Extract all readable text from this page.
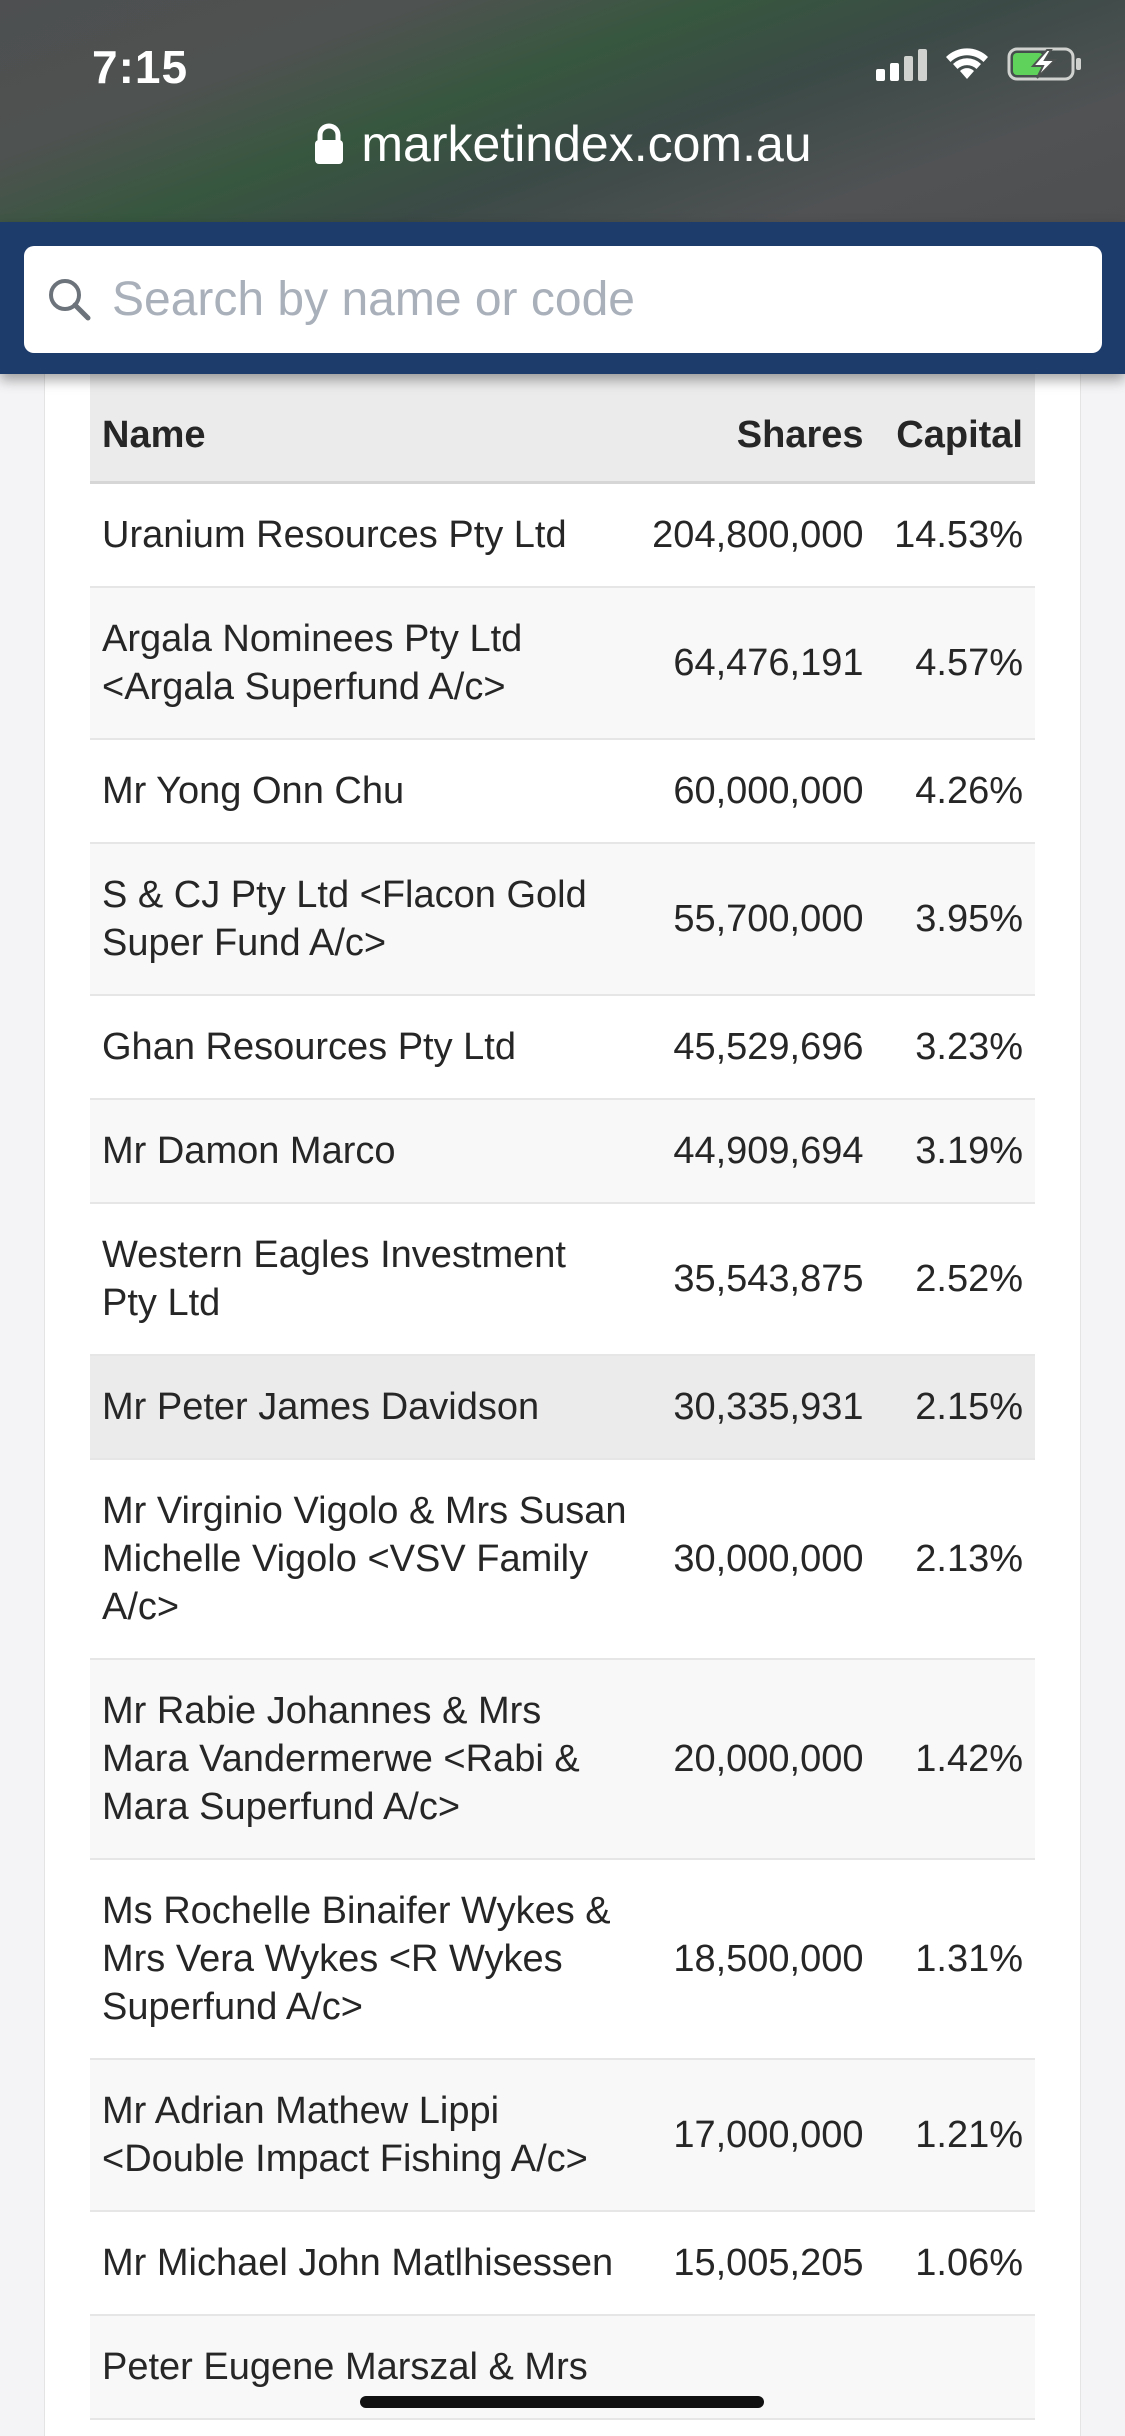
7:15
marketindex.com.au
Search by name or code
Name	Shares	Capital
Uranium Resources Pty Ltd	204,800,000	14.53%
Argala Nominees Pty Ltd <Argala Superfund A/c>	64,476,191	4.57%
Mr Yong Onn Chu	60,000,000	4.26%
S & CJ Pty Ltd <Flacon Gold Super Fund A/c>	55,700,000	3.95%
Ghan Resources Pty Ltd	45,529,696	3.23%
Mr Damon Marco	44,909,694	3.19%
Western Eagles Investment Pty Ltd	35,543,875	2.52%
Mr Peter James Davidson	30,335,931	2.15%
Mr Virginio Vigolo & Mrs Susan Michelle Vigolo <VSV Family A/c>	30,000,000	2.13%
Mr Rabie Johannes & Mrs Mara Vandermerwe <Rabi & Mara Superfund A/c>	20,000,000	1.42%
Ms Rochelle Binaifer Wykes & Mrs Vera Wykes <R Wykes Superfund A/c>	18,500,000	1.31%
Mr Adrian Mathew Lippi <Double Impact Fishing A/c>	17,000,000	1.21%
Mr Michael John Matlhisessen	15,005,205	1.06%
Peter Eugene Marszal & Mrs		
